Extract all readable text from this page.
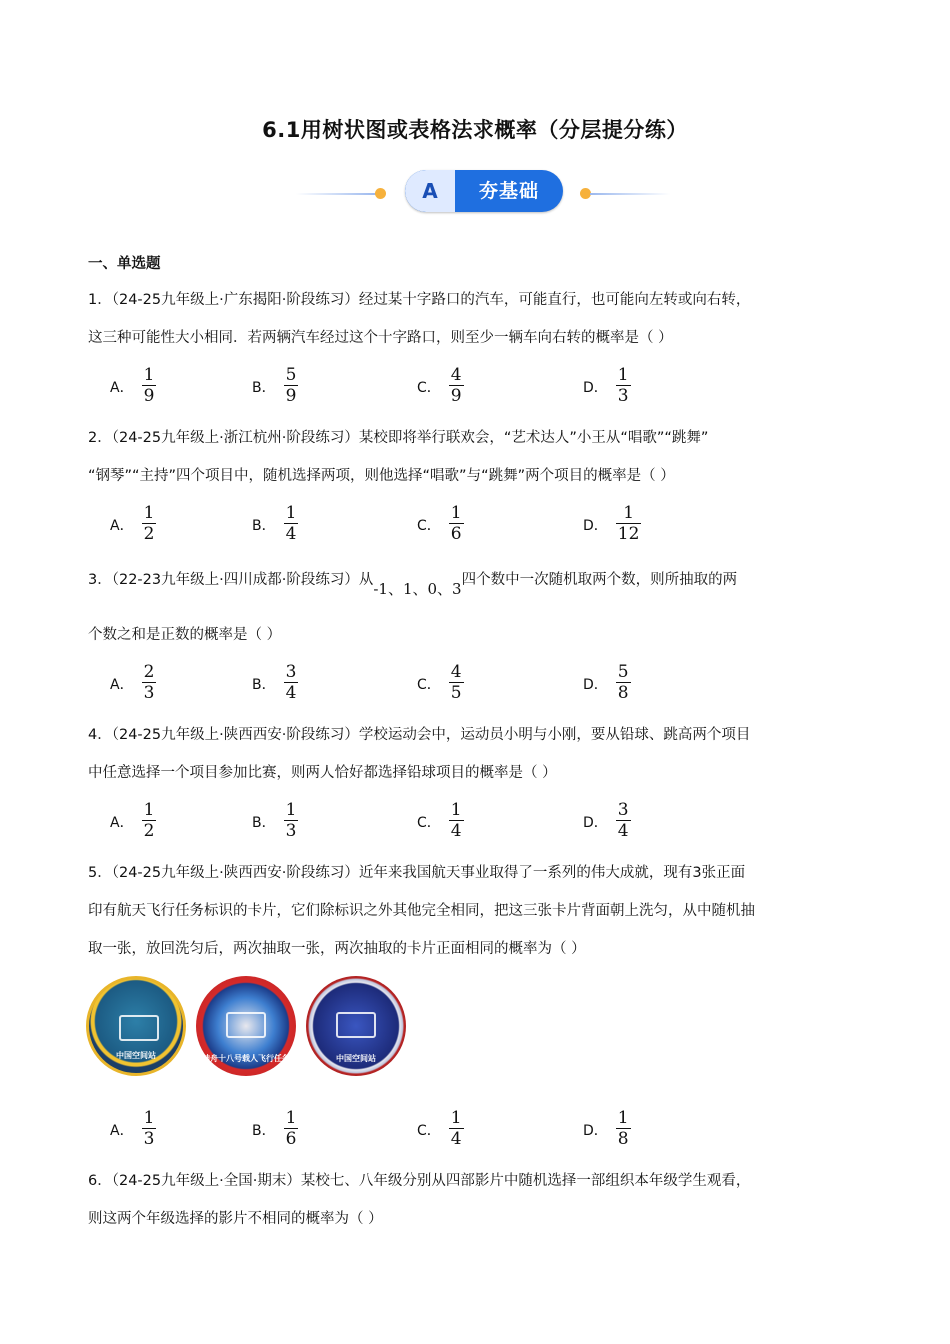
6.1用树状图或表格法求概率（分层提分练）
A	夯基础
一、单选题

1．（24-25九年级上·广东揭阳·阶段练习）经过某十字路口的汽车，可能直行，也可能向左转或向右转，

这三种可能性大小相同．若两辆汽车经过这个十字路口，则至少一辆车向右转的概率是（ ）

A． $\frac{1}{9}$	B． $\frac{5}{9}$	C． $\frac{4}{9}$	D． $\frac{1}{3}$

2．（24-25九年级上·浙江杭州·阶段练习）某校即将举行联欢会，“艺术达人”小王从“唱歌”“跳舞”

“钢琴”“主持”四个项目中，随机选择两项，则他选择“唱歌”与“跳舞”两个项目的概率是（ ）

A． $\frac{1}{2}$	B． $\frac{1}{4}$	C． $\frac{1}{6}$	D． $\frac{1}{12}$

3．（22-23九年级上·四川成都·阶段练习）从-1、1、0、3四个数中一次随机取两个数，则所抽取的两

个数之和是正数的概率是（ ）

A． $\frac{2}{3}$	B． $\frac{3}{4}$	C． $\frac{4}{5}$	D． $\frac{5}{8}$

4．（24-25九年级上·陕西西安·阶段练习）学校运动会中，运动员小明与小刚，要从铅球、跳高两个项目

中任意选择一个项目参加比赛，则两人恰好都选择铅球项目的概率是（ ）

A． $\frac{1}{2}$	B． $\frac{1}{3}$	C． $\frac{1}{4}$	D． $\frac{3}{4}$

5．（24-25九年级上·陕西西安·阶段练习）近年来我国航天事业取得了一系列的伟大成就，现有3张正面

印有航天飞行任务标识的卡片，它们除标识之外其他完全相同，把这三张卡片背面朝上洗匀，从中随机抽

取一张，放回洗匀后，两次抽取一张，两次抽取的卡片正面相同的概率为（ ）

中国空间站	神舟十八号载人飞行任务	中国空间站
A． $\frac{1}{3}$	B． $\frac{1}{6}$	C． $\frac{1}{4}$	D． $\frac{1}{8}$

6．（24-25九年级上·全国·期末）某校七、八年级分别从四部影片中随机选择一部组织本年级学生观看，

则这两个年级选择的影片不相同的概率为（ ）
